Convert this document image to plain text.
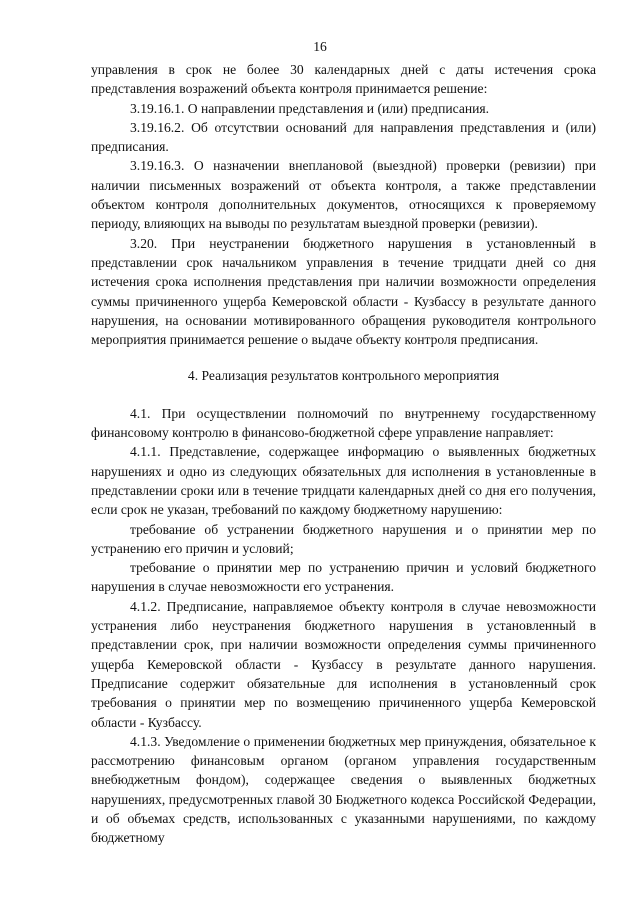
16

управления в срок не более 30 календарных дней с даты истечения срока представления возражений объекта контроля принимается решение:

3.19.16.1. О направлении представления и (или) предписания.

3.19.16.2. Об отсутствии оснований для направления представления и (или) предписания.

3.19.16.3. О назначении внеплановой (выездной) проверки (ревизии) при наличии письменных возражений от объекта контроля, а также представлении объектом контроля дополнительных документов, относящихся к проверяемому периоду, влияющих на выводы по результатам выездной проверки (ревизии).

3.20. При неустранении бюджетного нарушения в установленный в представлении срок начальником управления в течение тридцати дней со дня истечения срока исполнения представления при наличии возможности определения суммы причиненного ущерба Кемеровской области - Кузбассу в результате данного нарушения, на основании мотивированного обращения руководителя контрольного мероприятия принимается решение о выдаче объекту контроля предписания.

4. Реализация результатов контрольного мероприятия

4.1. При осуществлении полномочий по внутреннему государственному финансовому контролю в финансово-бюджетной сфере управление направляет:

4.1.1. Представление, содержащее информацию о выявленных бюджетных нарушениях и одно из следующих обязательных для исполнения в установленные в представлении сроки или в течение тридцати календарных дней со дня его получения, если срок не указан, требований по каждому бюджетному нарушению:

требование об устранении бюджетного нарушения и о принятии мер по устранению его причин и условий;

требование о принятии мер по устранению причин и условий бюджетного нарушения в случае невозможности его устранения.

4.1.2. Предписание, направляемое объекту контроля в случае невозможности устранения либо неустранения бюджетного нарушения в установленный в представлении срок, при наличии возможности определения суммы причиненного ущерба Кемеровской области - Кузбассу в результате данного нарушения. Предписание содержит обязательные для исполнения в установленный срок требования о принятии мер по возмещению причиненного ущерба Кемеровской области - Кузбассу.

4.1.3. Уведомление о применении бюджетных мер принуждения, обязательное к рассмотрению финансовым органом (органом управления государственным внебюджетным фондом), содержащее сведения о выявленных бюджетных нарушениях, предусмотренных главой 30 Бюджетного кодекса Российской Федерации, и об объемах средств, использованных с указанными нарушениями, по каждому бюджетному
